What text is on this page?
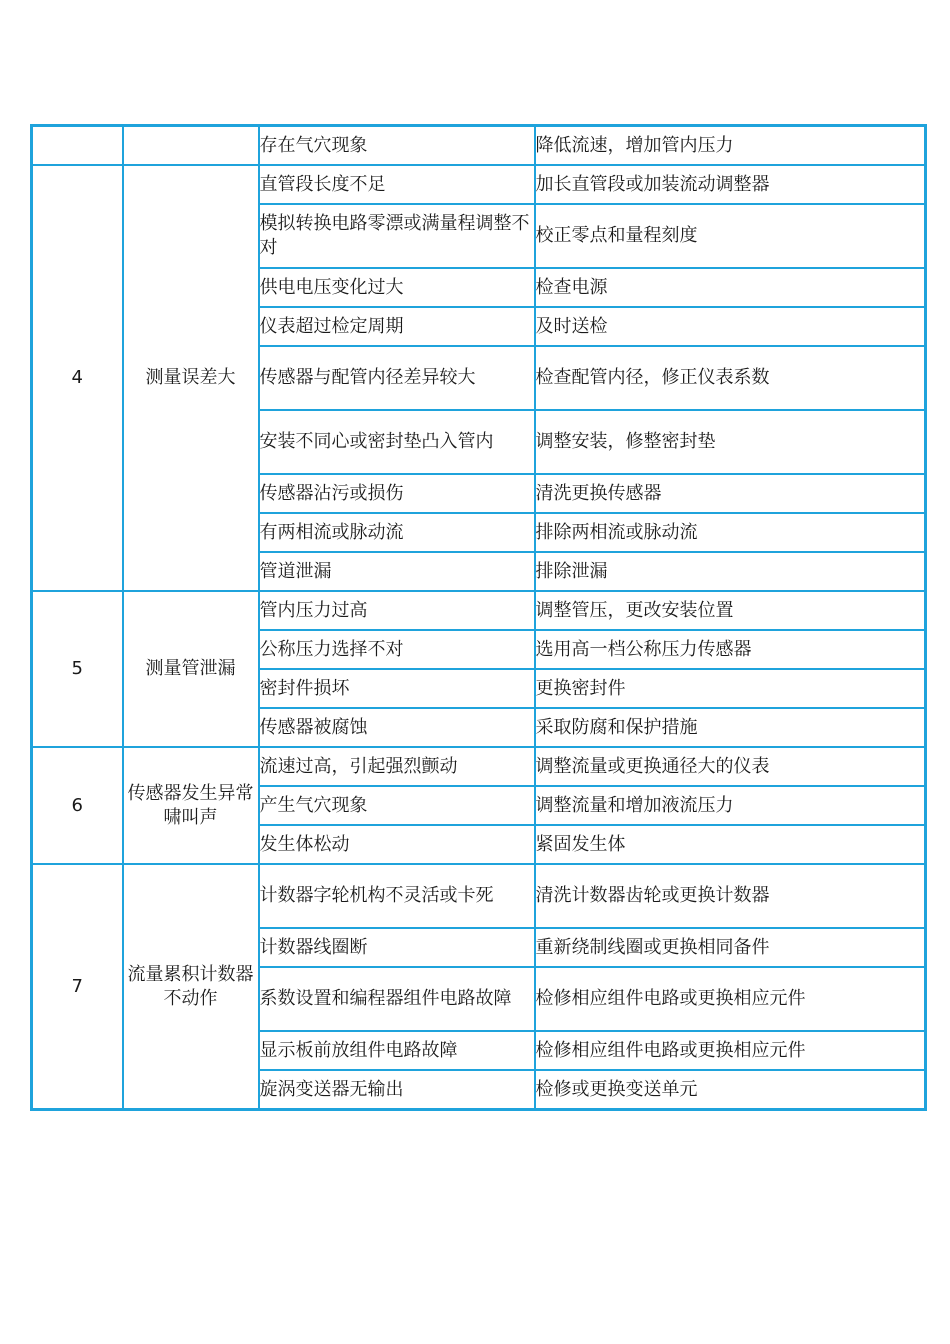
		存在气穴现象	降低流速，增加管内压力
4	测量误差大	直管段长度不足	加长直管段或加装流动调整器
		模拟转换电路零漂或满量程调整不对	校正零点和量程刻度
		供电电压变化过大	检查电源
		仪表超过检定周期	及时送检
		传感器与配管内径差异较大	检查配管内径，修正仪表系数
		安装不同心或密封垫凸入管内	调整安装，修整密封垫
		传感器沾污或损伤	清洗更换传感器
		有两相流或脉动流	排除两相流或脉动流
		管道泄漏	排除泄漏
5	测量管泄漏	管内压力过高	调整管压，更改安装位置
		公称压力选择不对	选用高一档公称压力传感器
		密封件损坏	更换密封件
		传感器被腐蚀	采取防腐和保护措施
6	传感器发生异常啸叫声	流速过高，引起强烈颤动	调整流量或更换通径大的仪表
		产生气穴现象	调整流量和增加液流压力
		发生体松动	紧固发生体
7	流量累积计数器不动作	计数器字轮机构不灵活或卡死	清洗计数器齿轮或更换计数器
		计数器线圈断	重新绕制线圈或更换相同备件
		系数设置和编程器组件电路故障	检修相应组件电路或更换相应元件
		显示板前放组件电路故障	检修相应组件电路或更换相应元件
		旋涡变送器无输出	检修或更换变送单元
